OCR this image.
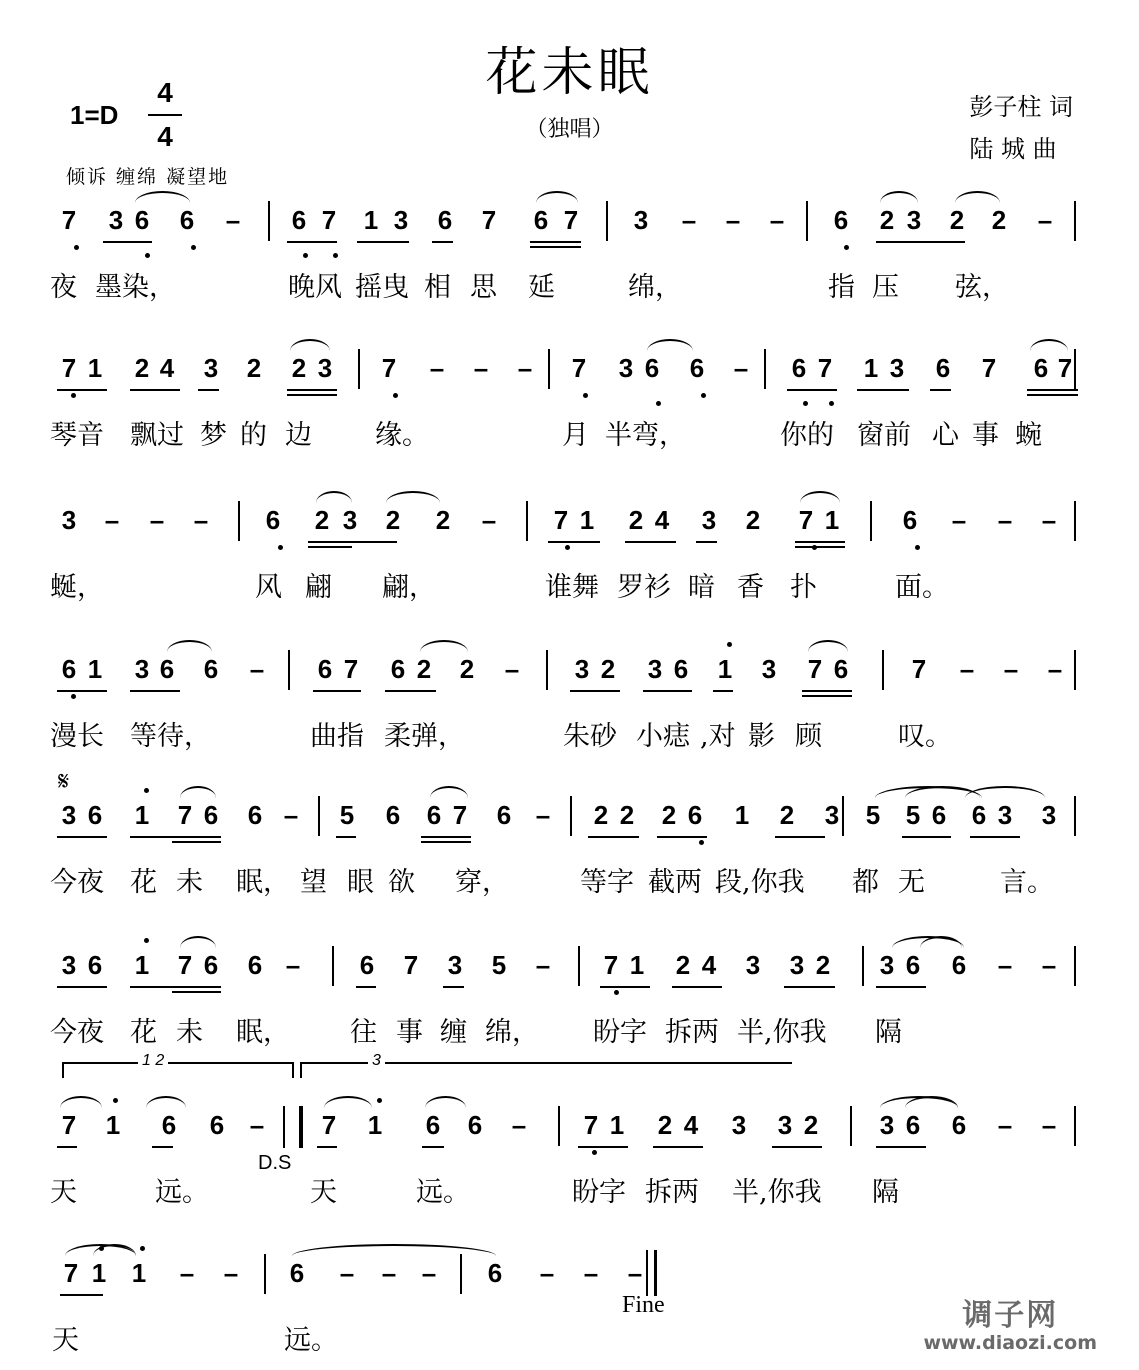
花未眠
（独唱）
1=D
4
4
倾诉 缠绵 凝望地
彭子柱 词
陆 城 曲
7 3 6 6 – 6 7 1 3 6 7 6 7 3 – – – 6 2 3 2 2 –
夜 墨染，	晚风 摇曳 相 思 延	绵，	指 压 弦，
7 1 2 4 3 2 2 3 7 – – – 7 3 6 6 – 6 7 1 3 6 7 6 7
琴音 飘过 梦 的 边 缘。	月 半弯，	你的 窗前 心 事 蜿
3 – – – 6 2 3 2 2 – 7 1 2 4 3 2 7 1 6 – – –
蜒，	风 翩 翩，	谁舞 罗衫 暗 香 扑	面。
6 1 3 6 6 – 6 7 6 2 2 – 3 2 3 6 1 3 7 6 7 – – –
漫长 等待，	曲指 柔弹，	朱砂 小痣 ,对 影 顾	叹。
3 6 1 7 6 6 – 5 6 6 7 6 – 2 2 2 6 1 2 3 5 5 6 6 3 3
今夜 花 未 眠， 望 眼 欲 穿，	等字 截两 段,你我 都 无	言。
𝄋
3 6 1 7 6 6 – 6 7 3 5 – 7 1 2 4 3 3 2 3 6 6 – –
今夜 花 未 眠， 往 事 缠 绵， 盼字 拆两 半,你我 隔
7 1 6 6 – 7 1 6 6 – 7 1 2 4 3 3 2 3 6 6 – –
天	远。	天	远。	盼字 拆两 半,你我 隔
1 2	3
D.S
7 1 1 – – 6 – – – 6 – – –
天	远。
Fine	调子网
www.diaozi.com
